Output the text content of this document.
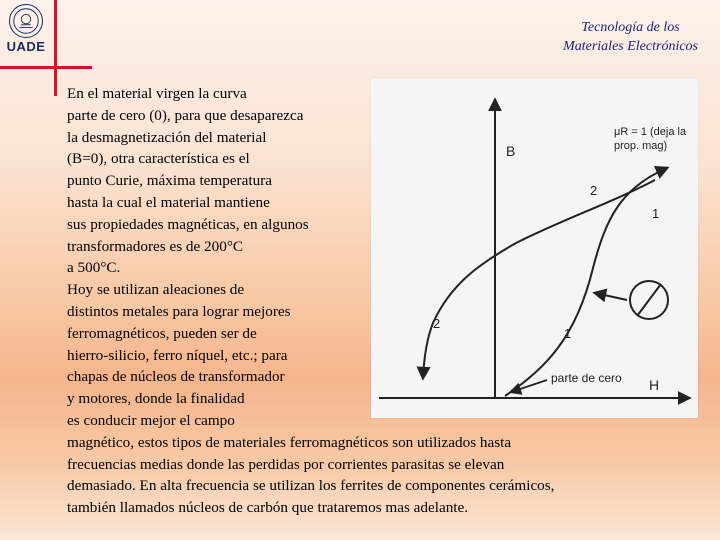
UADE
Tecnología de los
Materiales Electrónicos
B
H
1
1
2
2
μR = 1 (deja la
prop. mag)
parte de cero
En el material virgen la curva
parte de cero (0), para que desaparezca
la desmagnetización del material
(B=0), otra característica es el
punto Curie, máxima temperatura
hasta la cual el material mantiene
sus propiedades magnéticas, en algunos
transformadores es de 200°C
a 500°C.
Hoy se utilizan aleaciones de
distintos metales para lograr mejores
ferromagnéticos, pueden ser de
hierro-silicio, ferro níquel, etc.; para
chapas de núcleos de transformador
y motores, donde la finalidad
es conducir mejor el campo
magnético, estos tipos de materiales ferromagnéticos son utilizados hasta
frecuencias medias donde las perdidas por corrientes parasitas se elevan
demasiado. En alta frecuencia se utilizan los ferrites de componentes cerámicos,
también llamados núcleos de carbón que trataremos mas adelante.
